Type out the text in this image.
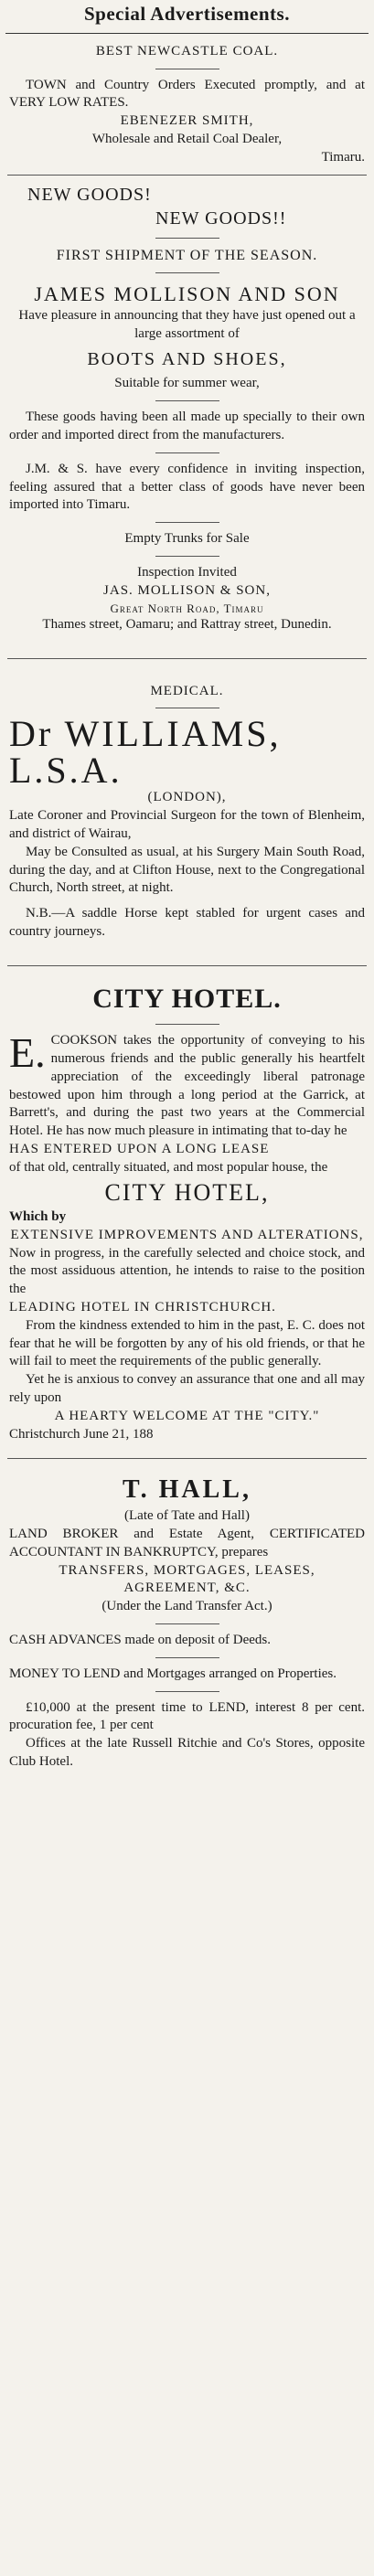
Special Advertisements.

BEST NEWCASTLE COAL.

TOWN and Country Orders Executed promptly, and at VERY LOW RATES.

EBENEZER SMITH,

Wholesale and Retail Coal Dealer,

Timaru.

NEW GOODS!

NEW GOODS!!

FIRST SHIPMENT OF THE SEASON.

JAMES MOLLISON AND SON

Have pleasure in announcing that they have just opened out a large assortment of

BOOTS AND SHOES,

Suitable for summer wear,

These goods having been all made up specially to their own order and imported direct from the manufacturers.

J.M. & S. have every confidence in inviting inspection, feeling assured that a better class of goods have never been imported into Timaru.

Empty Trunks for Sale

Inspection Invited

JAS. MOLLISON & SON,

Great North Road, Timaru

Thames street, Oamaru; and Rattray street, Dunedin.

MEDICAL.

Dr WILLIAMS, L.S.A.

(LONDON),

Late Coroner and Provincial Surgeon for the town of Blenheim, and district of Wairau,

May be Consulted as usual, at his Surgery Main South Road, during the day, and at Clifton House, next to the Congregational Church, North street, at night.

N.B.—A saddle Horse kept stabled for urgent cases and country journeys.

CITY HOTEL.

E. COOKSON takes the opportunity of conveying to his numerous friends and the public generally his heartfelt appreciation of the exceedingly liberal patronage bestowed upon him through a long period at the Garrick, at Barrett's, and during the past two years at the Commercial Hotel. He has now much pleasure in intimating that to-day he

HAS ENTERED UPON A LONG LEASE

of that old, centrally situated, and most popular house, the

CITY HOTEL,

Which by

EXTENSIVE IMPROVEMENTS AND ALTERATIONS,

Now in progress, in the carefully selected and choice stock, and the most assiduous attention, he intends to raise to the position the

LEADING HOTEL IN CHRISTCHURCH.

From the kindness extended to him in the past, E. C. does not fear that he will be forgotten by any of his old friends, or that he will fail to meet the requirements of the public generally.

Yet he is anxious to convey an assurance that one and all may rely upon

A HEARTY WELCOME AT THE "CITY."

Christchurch June 21, 188

T. HALL,

(Late of Tate and Hall)

LAND BROKER and Estate Agent, CERTIFICATED ACCOUNTANT IN BANKRUPTCY, prepares

TRANSFERS, MORTGAGES, LEASES, AGREEMENT, &C.

(Under the Land Transfer Act.)

CASH ADVANCES made on deposit of Deeds.

MONEY TO LEND and Mortgages arranged on Properties.

£10,000 at the present time to LEND, interest 8 per cent. procuration fee, 1 per cent

Offices at the late Russell Ritchie and Co's Stores, opposite Club Hotel.
